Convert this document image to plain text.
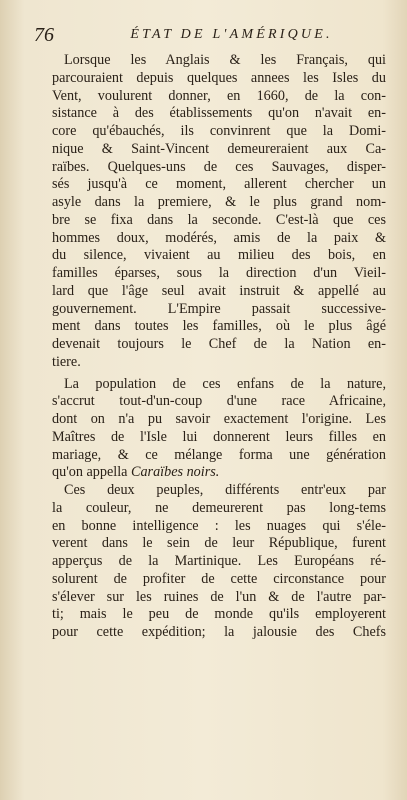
76	ÉTAT DE L'AMÉRIQUE.
Lorsque les Anglais & les Français, qui
parcouraient depuis quelques annees les Isles du
Vent, voulurent donner, en 1660, de la con-
sistance à des établissements qu'on n'avait en-
core qu'ébauchés, ils convinrent que la Domi-
nique & Saint-Vincent demeureraient aux Ca-
raïbes. Quelques-uns de ces Sauvages, disper-
sés jusqu'à ce moment, allerent chercher un
asyle dans la premiere, & le plus grand nom-
bre se fixa dans la seconde. C'est-là que ces
hommes doux, modérés, amis de la paix &
du silence, vivaient au milieu des bois, en
familles éparses, sous la direction d'un Vieil-
lard que l'âge seul avait instruit & appellé au
gouvernement. L'Empire passait successive-
ment dans toutes les familles, où le plus âgé
devenait toujours le Chef de la Nation en-
tiere.
La population de ces enfans de la nature,
s'accrut tout-d'un-coup d'une race Africaine,
dont on n'a pu savoir exactement l'origine. Les
Maîtres de l'Isle lui donnerent leurs filles en
mariage, & ce mélange forma une génération
qu'on appella Caraïbes noirs.
Ces deux peuples, différents entr'eux par
la couleur, ne demeurerent pas long-tems
en bonne intelligence : les nuages qui s'éle-
verent dans le sein de leur République, furent
apperçus de la Martinique. Les Européans ré-
solurent de profiter de cette circonstance pour
s'élever sur les ruines de l'un & de l'autre par-
ti; mais le peu de monde qu'ils employerent
pour cette expédition; la jalousie des Chefs
